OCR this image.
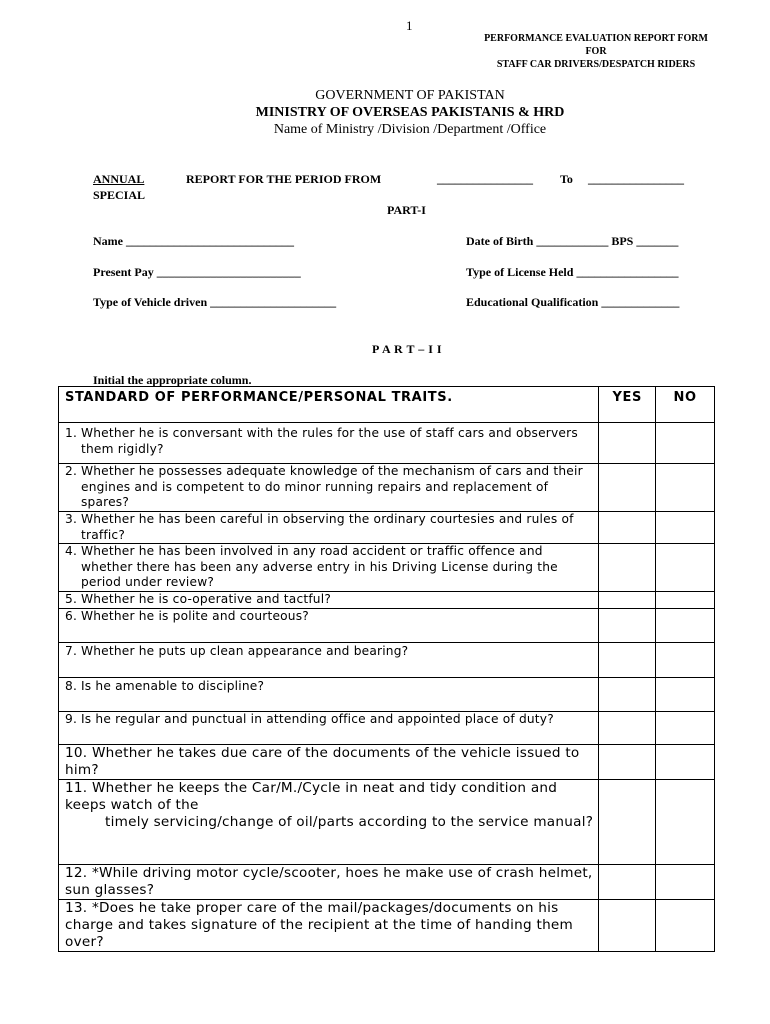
1
PERFORMANCE EVALUATION REPORT FORM
FOR
STAFF CAR DRIVERS/DESPATCH RIDERS
GOVERNMENT OF PAKISTAN
MINISTRY OF OVERSEAS PAKISTANIS & HRD
Name of Ministry /Division /Department /Office
ANNUAL
SPECIAL
REPORT FOR THE PERIOD FROM	________________ To ________________
PART-I
Name ____________________________	Date of Birth ____________ BPS _______
Present Pay ________________________	Type of License Held _________________
Type of Vehicle driven _____________________	Educational Qualification _____________
P A R T – I I
Initial the appropriate column.
STANDARD OF PERFORMANCE/PERSONAL TRAITS.	YES	NO

1. Whether he is conversant with the rules for the use of staff cars and observers them rigidly?		

2. Whether he possesses adequate knowledge of the mechanism of cars and their engines and is competent to do minor running repairs and replacement of spares?		

3. Whether he has been careful in observing the ordinary courtesies and rules of traffic?		

4. Whether he has been involved in any road accident or traffic offence and whether there has been any adverse entry in his Driving License during the period under review?		

5. Whether he is co-operative and tactful?		

6. Whether he is polite and courteous?		

7. Whether he puts up clean appearance and bearing?		

8. Is he amenable to discipline?		

9. Is he regular and punctual in attending office and appointed place of duty?		

10. Whether he takes due care of the documents of the vehicle issued to him?		

11. Whether he keeps the Car/M./Cycle in neat and tidy condition and keeps watch of the
timely servicing/change of oil/parts according to the service manual?		

12. *While driving motor cycle/scooter, hoes he make use of crash helmet, sun glasses?		

13. *Does he take proper care of the mail/packages/documents on his charge and takes signature of the recipient at the time of handing them over?		
